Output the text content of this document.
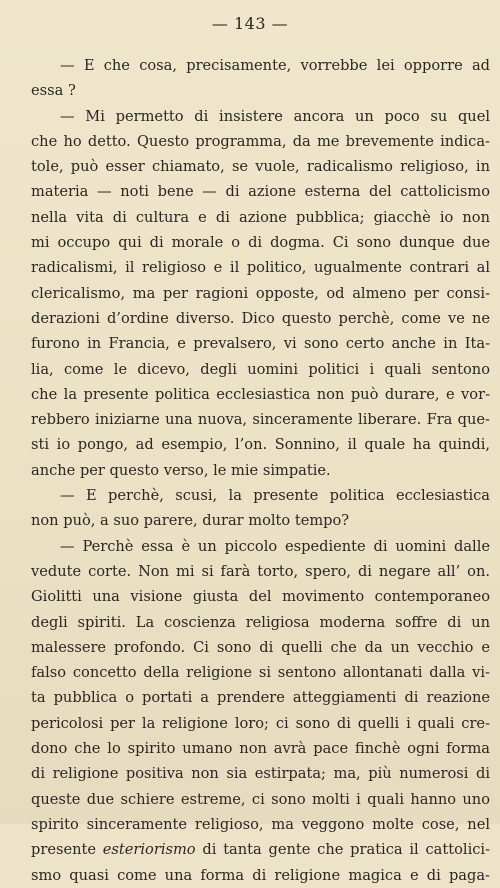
— 143 —
— E che cosa, precisamente, vorrebbe lei opporre ad
essa ?
— Mi permetto di insistere ancora un poco su quel
che ho detto. Questo programma, da me brevemente indica-
tole, può esser chiamato, se vuole, radicalismo religioso, in
materia — noti bene — di azione esterna del cattolicismo
nella vita di cultura e di azione pubblica; giacchè io non
mi occupo qui di morale o di dogma. Ci sono dunque due
radicalismi, il religioso e il politico, ugualmente contrari al
clericalismo, ma per ragioni opposte, od almeno per consi-
derazioni d’ordine diverso. Dico questo perchè, come ve ne
furono in Francia, e prevalsero, vi sono certo anche in Ita-
lia, come le dicevo, degli uomini politici i quali sentono
che la presente politica ecclesiastica non può durare, e vor-
rebbero iniziarne una nuova, sinceramente liberare. Fra que-
sti io pongo, ad esempio, l’on. Sonnino, il quale ha quindi,
anche per questo verso, le mie simpatie.
— E perchè, scusi, la presente politica ecclesiastica
non può, a suo parere, durar molto tempo?
— Perchè essa è un piccolo espediente di uomini dalle
vedute corte. Non mi si farà torto, spero, di negare all’ on.
Giolitti una visione giusta del movimento contemporaneo
degli spiriti. La coscienza religiosa moderna soffre di un
malessere profondo. Ci sono di quelli che da un vecchio e
falso concetto della religione si sentono allontanati dalla vi-
ta pubblica o portati a prendere atteggiamenti di reazione
pericolosi per la religione loro; ci sono di quelli i quali cre-
dono che lo spirito umano non avrà pace finchè ogni forma
di religione positiva non sia estirpata; ma, più numerosi di
queste due schiere estreme, ci sono molti i quali hanno uno
spirito sinceramente religioso, ma veggono molte cose, nel
presente esteriorismo di tanta gente che pratica il cattolici-
smo quasi come una forma di religione magica e di paga-
